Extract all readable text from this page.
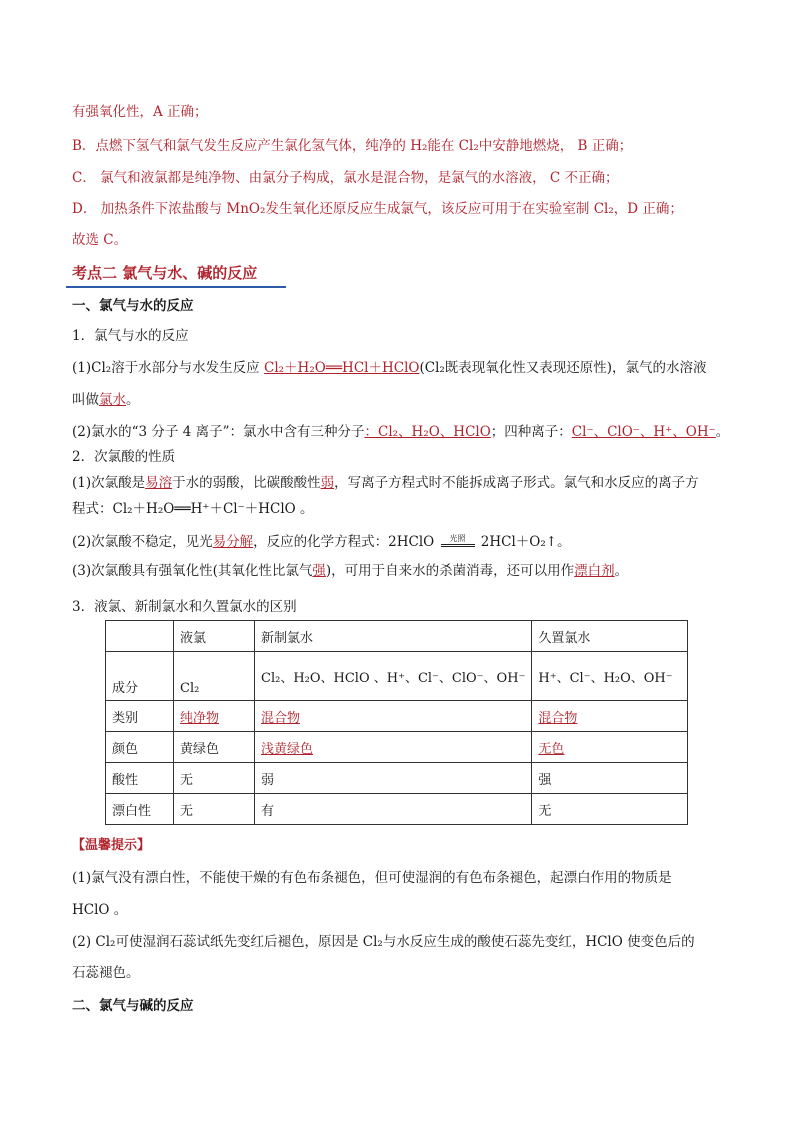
有强氧化性，A 正确；
B．点燃下氢气和氯气发生反应产生氯化氢气体，纯净的 H₂能在 Cl₂中安静地燃烧， B 正确；
C． 氯气和液氯都是纯净物、由氯分子构成，氯水是混合物，是氯气的水溶液， C 不正确；
D． 加热条件下浓盐酸与 MnO₂发生氧化还原反应生成氯气，该反应可用于在实验室制 Cl₂，D 正确；
故选 C。
考点二 氯气与水、碱的反应
一、氯气与水的反应
1．氯气与水的反应
(1)Cl₂溶于水部分与水发生反应 Cl₂＋H₂O══HCl＋HClO(Cl₂既表现氧化性又表现还原性)，氯气的水溶液
叫做氯水。
(2)氯水的“3 分子 4 离子”：氯水中含有三种分子：Cl₂、H₂O、HClO；四种离子：Cl⁻、ClO⁻、H⁺、OH⁻。
2．次氯酸的性质
(1)次氯酸是易溶于水的弱酸，比碳酸酸性弱，写离子方程式时不能拆成离子形式。氯气和水反应的离子方
程式：Cl₂＋H₂O══H⁺＋Cl⁻＋HClO 。
(2)次氯酸不稳定，见光易分解，反应的化学方程式：2HClO	光照 2HCl＋O₂↑。
(3)次氯酸具有强氧化性(其氧化性比氯气强)，可用于自来水的杀菌消毒，还可以用作漂白剂。
3．液氯、新制氯水和久置氯水的区别
	液氯	新制氯水	久置氯水
成分	Cl₂	Cl₂、H₂O、HClO 、H⁺、Cl⁻、ClO⁻、OH⁻	H⁺、Cl⁻、H₂O、OH⁻
类别	纯净物	混合物	混合物
颜色	黄绿色	浅黄绿色	无色
酸性	无	弱	强
漂白性	无	有	无
【温馨提示】
(1)氯气没有漂白性，不能使干燥的有色布条褪色，但可使湿润的有色布条褪色，起漂白作用的物质是
HClO 。
(2) Cl₂可使湿润石蕊试纸先变红后褪色，原因是 Cl₂与水反应生成的酸使石蕊先变红，HClO 使变色后的
石蕊褪色。
二、氯气与碱的反应
